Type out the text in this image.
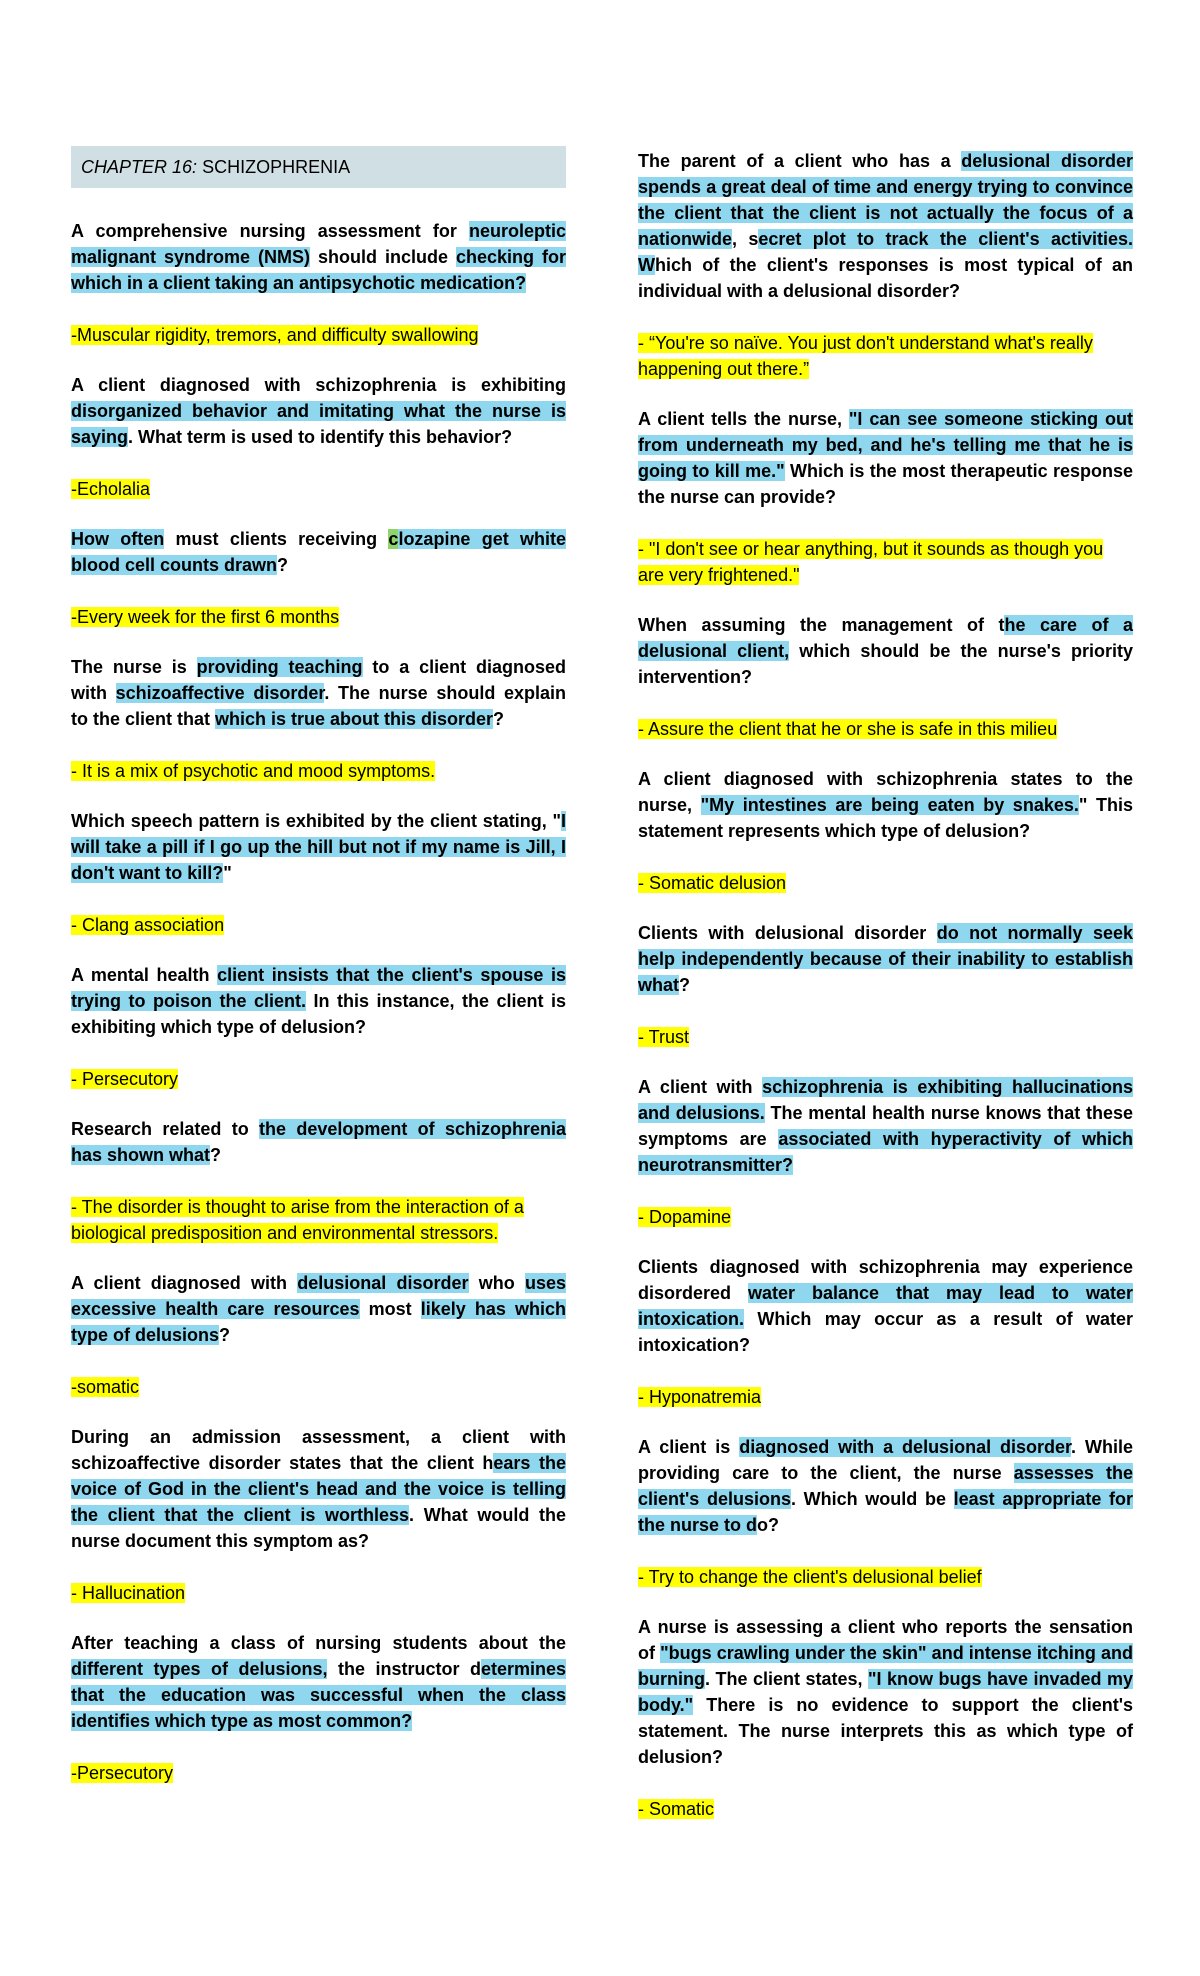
CHAPTER 16: SCHIZOPHRENIA

A comprehensive nursing assessment for neuroleptic malignant syndrome (NMS) should include checking for which in a client taking an antipsychotic medication?

-Muscular rigidity, tremors, and difficulty swallowing

A client diagnosed with schizophrenia is exhibiting disorganized behavior and imitating what the nurse is saying. What term is used to identify this behavior?

-Echolalia

How often must clients receiving clozapine get white blood cell counts drawn?

-Every week for the first 6 months

The nurse is providing teaching to a client diagnosed with schizoaffective disorder. The nurse should explain to the client that which is true about this disorder?

- It is a mix of psychotic and mood symptoms.

Which speech pattern is exhibited by the client stating, "I will take a pill if I go up the hill but not if my name is Jill, I don't want to kill?"

- Clang association

A mental health client insists that the client's spouse is trying to poison the client. In this instance, the client is exhibiting which type of delusion?

- Persecutory

Research related to the development of schizophrenia has shown what?

- The disorder is thought to arise from the interaction of a biological predisposition and environmental stressors.

A client diagnosed with delusional disorder who uses excessive health care resources most likely has which type of delusions?

-somatic

During an admission assessment, a client with schizoaffective disorder states that the client hears the voice of God in the client's head and the voice is telling the client that the client is worthless. What would the nurse document this symptom as?

- Hallucination

After teaching a class of nursing students about the different types of delusions, the instructor determines that the education was successful when the class identifies which type as most common?

-Persecutory

The parent of a client who has a delusional disorder spends a great deal of time and energy trying to convince the client that the client is not actually the focus of a nationwide, secret plot to track the client's activities. Which of the client's responses is most typical of an individual with a delusional disorder?

- “You're so naïve. You just don't understand what's really happening out there.”

A client tells the nurse, "I can see someone sticking out from underneath my bed, and he's telling me that he is going to kill me." Which is the most therapeutic response the nurse can provide?

- "I don't see or hear anything, but it sounds as though you are very frightened."

When assuming the management of the care of a delusional client, which should be the nurse's priority intervention?

- Assure the client that he or she is safe in this milieu

A client diagnosed with schizophrenia states to the nurse, "My intestines are being eaten by snakes." This statement represents which type of delusion?

- Somatic delusion

Clients with delusional disorder do not normally seek help independently because of their inability to establish what?

- Trust

A client with schizophrenia is exhibiting hallucinations and delusions. The mental health nurse knows that these symptoms are associated with hyperactivity of which neurotransmitter?

- Dopamine

Clients diagnosed with schizophrenia may experience disordered water balance that may lead to water intoxication. Which may occur as a result of water intoxication?

- Hyponatremia

A client is diagnosed with a delusional disorder. While providing care to the client, the nurse assesses the client's delusions. Which would be least appropriate for the nurse to do?

- Try to change the client's delusional belief

A nurse is assessing a client who reports the sensation of "bugs crawling under the skin" and intense itching and burning. The client states, "I know bugs have invaded my body." There is no evidence to support the client's statement. The nurse interprets this as which type of delusion?

- Somatic
